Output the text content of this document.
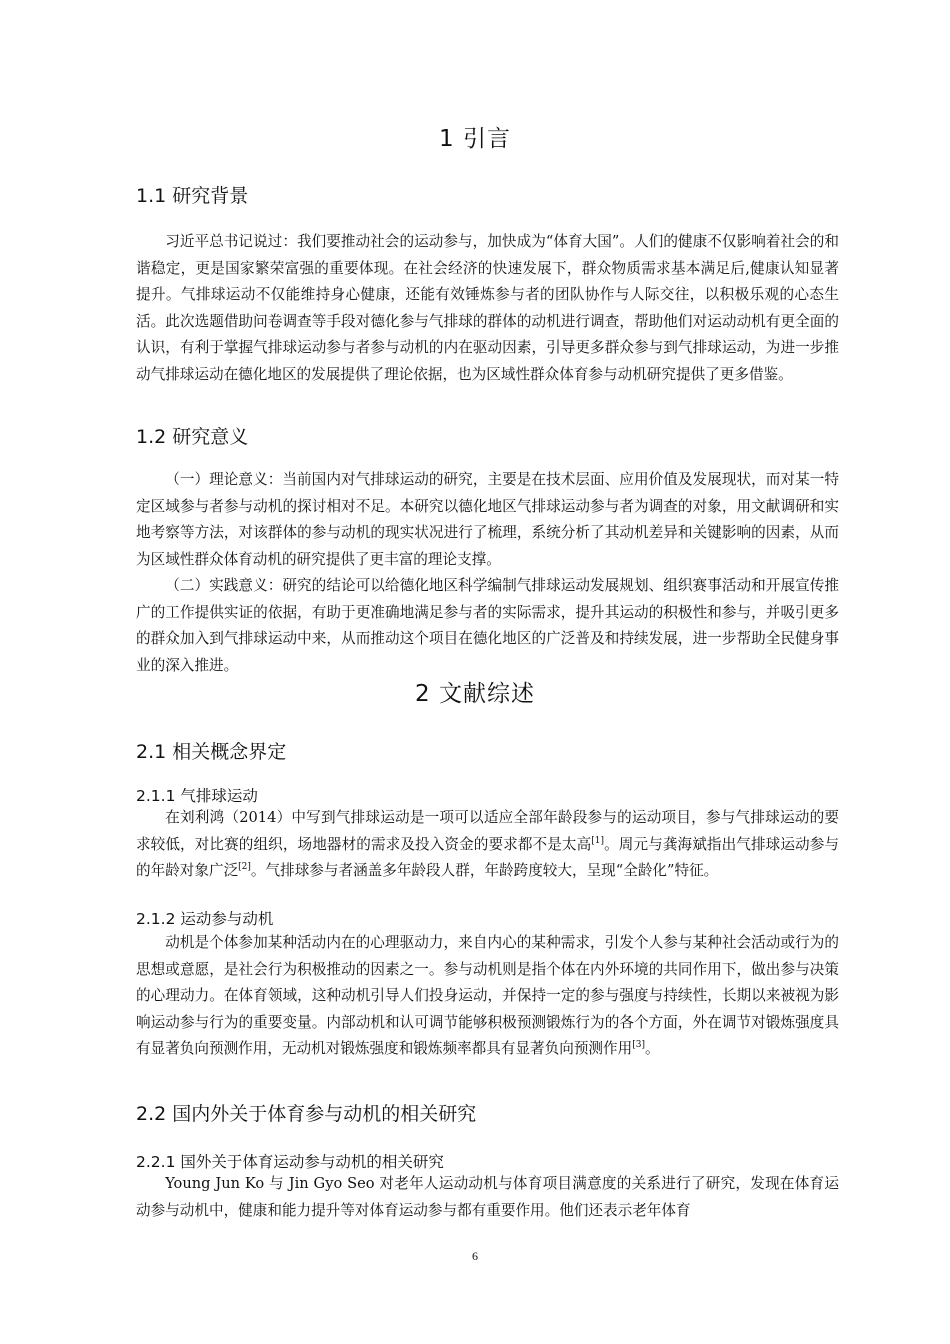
1 引言
1.1 研究背景

习近平总书记说过：我们要推动社会的运动参与，加快成为“体育大国”。人们的健康不仅影响着社会的和谐稳定，更是国家繁荣富强的重要体现。在社会经济的快速发展下，群众物质需求基本满足后,健康认知显著提升。气排球运动不仅能维持身心健康，还能有效锤炼参与者的团队协作与人际交往，以积极乐观的心态生活。此次选题借助问卷调查等手段对德化参与气排球的群体的动机进行调查，帮助他们对运动动机有更全面的认识，有利于掌握气排球运动参与者参与动机的内在驱动因素，引导更多群众参与到气排球运动，为进一步推动气排球运动在德化地区的发展提供了理论依据，也为区域性群众体育参与动机研究提供了更多借鉴。

1.2 研究意义

（一）理论意义：当前国内对气排球运动的研究，主要是在技术层面、应用价值及发展现状，而对某一特定区域参与者参与动机的探讨相对不足。本研究以德化地区气排球运动参与者为调查的对象，用文献调研和实地考察等方法，对该群体的参与动机的现实状况进行了梳理，系统分析了其动机差异和关键影响的因素，从而为区域性群众体育动机的研究提供了更丰富的理论支撑。

（二）实践意义：研究的结论可以给德化地区科学编制气排球运动发展规划、组织赛事活动和开展宣传推广的工作提供实证的依据，有助于更准确地满足参与者的实际需求，提升其运动的积极性和参与，并吸引更多的群众加入到气排球运动中来，从而推动这个项目在德化地区的广泛普及和持续发展，进一步帮助全民健身事业的深入推进。

2 文献综述
2.1 相关概念界定
2.1.1 气排球运动

在刘利鸿（2014）中写到气排球运动是一项可以适应全部年龄段参与的运动项目，参与气排球运动的要求较低，对比赛的组织，场地器材的需求及投入资金的要求都不是太高[1]。周元与龚海斌指出气排球运动参与的年龄对象广泛[2]。气排球参与者涵盖多年龄段人群，年龄跨度较大，呈现“全龄化”特征。

2.1.2 运动参与动机

动机是个体参加某种活动内在的心理驱动力，来自内心的某种需求，引发个人参与某种社会活动或行为的思想或意愿，是社会行为积极推动的因素之一。参与动机则是指个体在内外环境的共同作用下，做出参与决策的心理动力。在体育领域，这种动机引导人们投身运动，并保持一定的参与强度与持续性，长期以来被视为影响运动参与行为的重要变量。内部动机和认可调节能够积极预测锻炼行为的各个方面，外在调节对锻炼强度具有显著负向预测作用，无动机对锻炼强度和锻炼频率都具有显著负向预测作用[3]。

2.2 国内外关于体育参与动机的相关研究
2.2.1 国外关于体育运动参与动机的相关研究

Young Jun Ko 与 Jin Gyo Seo 对老年人运动动机与体育项目满意度的关系进行了研究，发现在体育运动参与动机中，健康和能力提升等对体育运动参与都有重要作用。他们还表示老年体育

6
